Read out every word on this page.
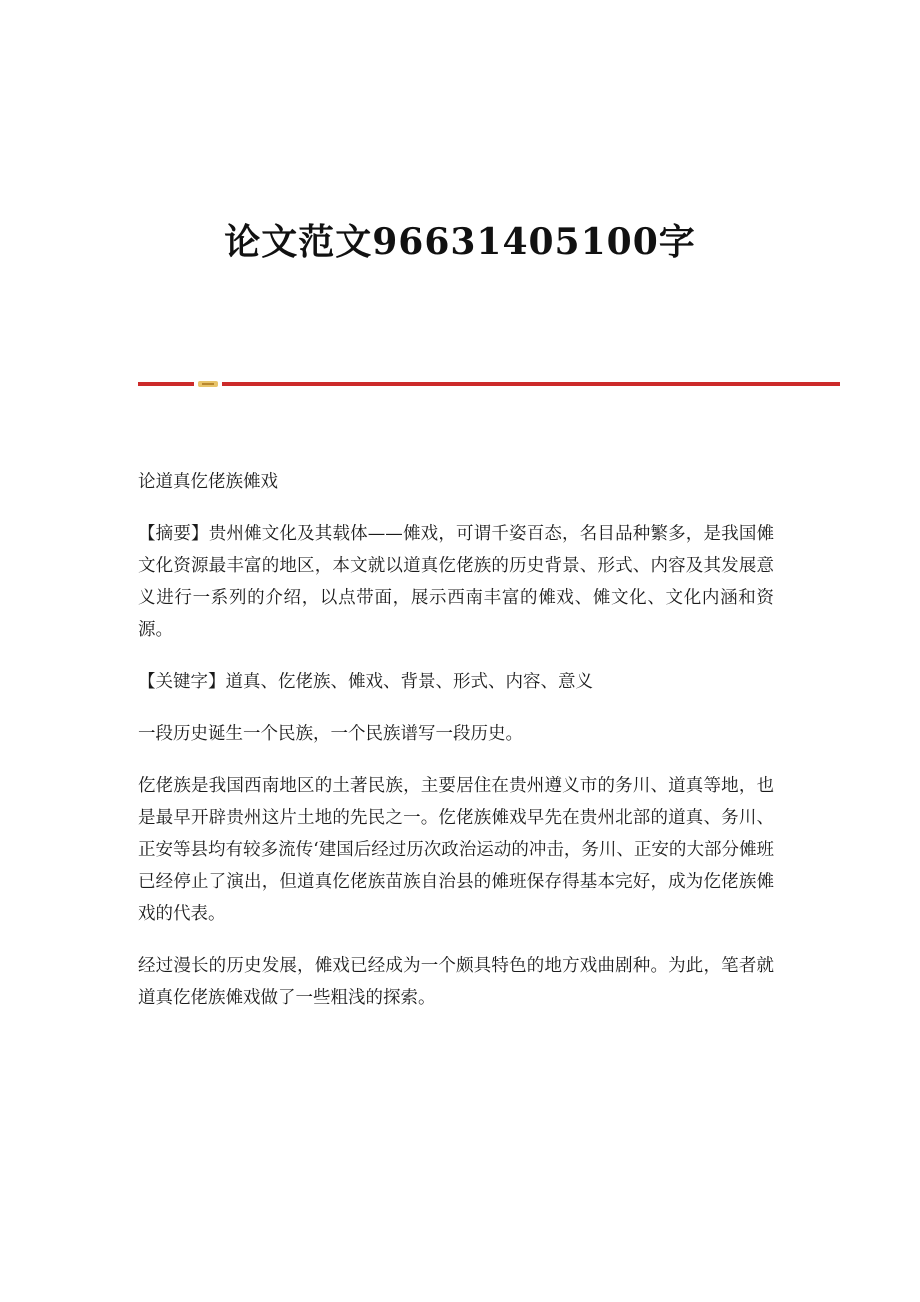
论文范文96631405100字

论道真仡佬族傩戏

【摘要】贵州傩文化及其载体——傩戏，可谓千姿百态，名目品种繁多，是我国傩文化资源最丰富的地区，本文就以道真仡佬族的历史背景、形式、内容及其发展意义进行一系列的介绍，以点带面，展示西南丰富的傩戏、傩文化、文化内涵和资源。

【关键字】道真、仡佬族、傩戏、背景、形式、内容、意义

一段历史诞生一个民族，一个民族谱写一段历史。

仡佬族是我国西南地区的土著民族，主要居住在贵州遵义市的务川、道真等地，也是最早开辟贵州这片土地的先民之一。仡佬族傩戏早先在贵州北部的道真、务川、正安等县均有较多流传‘建国后经过历次政治运动的冲击，务川、正安的大部分傩班已经停止了演出，但道真仡佬族苗族自治县的傩班保存得基本完好，成为仡佬族傩戏的代表。

经过漫长的历史发展，傩戏已经成为一个颇具特色的地方戏曲剧种。为此，笔者就道真仡佬族傩戏做了一些粗浅的探索。
